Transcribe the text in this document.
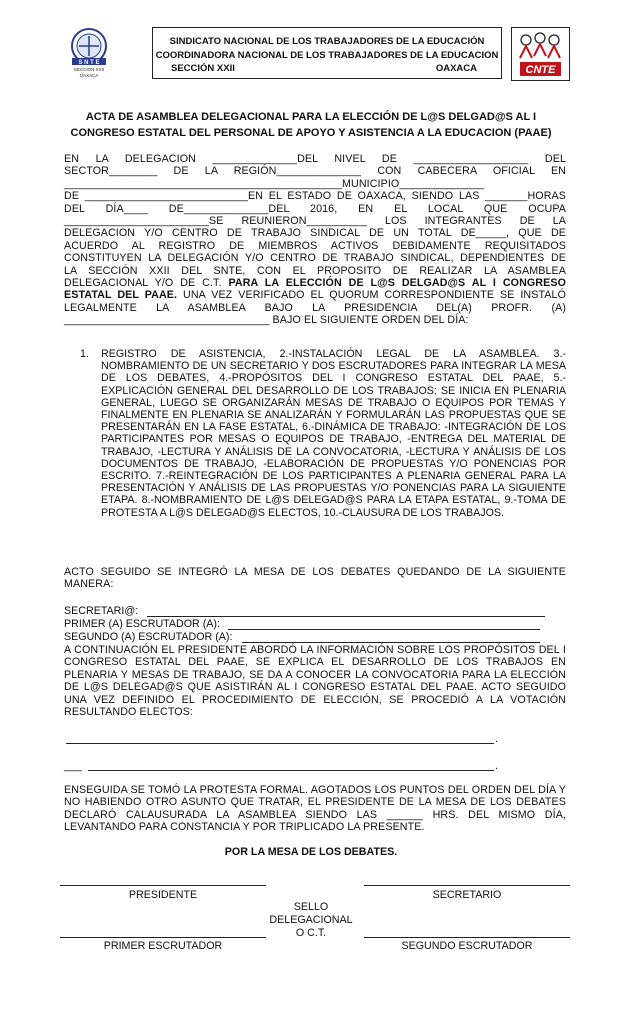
S N T E
SECCION XXII
OAXACA
SINDICATO NACIONAL DE LOS TRABAJADORES DE LA EDUCACIÓN
COORDINADORA NACIONAL DE LOS TRABAJADORES DE LA EDUCACION
SECCIÓN XXII	OAXACA	CNTE
ACTA DE ASAMBLEA DELEGACIONAL PARA LA ELECCIÓN DE L@S DELGAD@S AL I
CONGRESO ESTATAL DEL PERSONAL DE APOYO Y ASISTENCIA A LA EDUCACION (PAAE)
EN LA DELEGACION ______________DEL NIVEL DE ___________________ DEL
SECTOR________ DE LA REGIÓN______________ CON CABECERA OFICIAL EN
______________________________________________MUNICIPIO______________
DE ___________________________EN EL ESTADO DE OAXACA, SIENDO LAS _______HORAS
DEL DÍA____ DE______________DEL 2016, EN EL LOCAL QUE OCUPA
________________________SE REUNIERON__________ LOS INTEGRANTES DE LA
DELEGACION Y/O CENTRO DE TRABAJO SINDICAL DE UN TOTAL DE_____, QUE DE
ACUERDO AL REGISTRO DE MIEMBROS ACTIVOS DEBIDAMENTE REQUISITADOS
CONSTITUYEN LA DELEGACIÓN Y/O CENTRO DE TRABAJO SINDICAL, DEPENDIENTES DE
LA SECCIÓN XXII DEL SNTE, CON EL PROPOSITO DE REALIZAR LA ASAMBLEA
DELEGACIONAL Y/O DE C.T. PARA LA ELECCIÓN DE L@S DELGAD@S AL I CONGRESO
ESTATAL DEL PAAE. UNA VEZ VERIFICADO EL QUORUM CORRESPONDIENTE SE INSTALÓ
LEGALMENTE LA ASAMBLEA BAJO LA PRESIDENCIA DEL(A) PROFR. (A)
__________________________________ BAJO EL SIGUIENTE ORDEN DEL DÍA:
1. REGISTRO DE ASISTENCIA, 2.-INSTALACIÓN LEGAL DE LA ASAMBLEA. 3.-NOMBRAMIENTO DE UN SECRETARIO Y DOS ESCRUTADORES PARA INTEGRAR LA MESA DE LOS DEBATES, 4.-PROPÓSITOS DEL I CONGRESO ESTATAL DEL PAAE, 5.-EXPLICACIÓN GENERAL DEL DESARROLLO DE LOS TRABAJOS: SE INICIA EN PLENARIA GENERAL, LUEGO SE ORGANIZARÁN MESAS DE TRABAJO O EQUIPOS POR TEMAS Y FINALMENTE EN PLENARIA SE ANALIZARÁN Y FORMULARÁN LAS PROPUESTAS QUE SE PRESENTARÁN EN LA FASE ESTATAL, 6.-DINÁMICA DE TRABAJO: -INTEGRACIÓN DE LOS PARTICIPANTES POR MESAS O EQUIPOS DE TRABAJO, -ENTREGA DEL MATERIAL DE TRABAJO, -LECTURA Y ANÁLISIS DE LA CONVOCATORIA, -LECTURA Y ANÁLISIS DE LOS DOCUMENTOS DE TRABAJO, -ELABORACIÓN DE PROPUESTAS Y/O PONENCIAS POR ESCRITO. 7.-REINTEGRACIÓN DE LOS PARTICIPANTES A PLENARIA GENERAL PARA LA PRESENTACIÓN Y ANÁLISIS DE LAS PROPUESTAS Y/O PONENCIAS PARA LA SIGUIENTE ETAPA. 8.-NOMBRAMIENTO DE L@S DELEGAD@S PARA LA ETAPA ESTATAL, 9.-TOMA DE PROTESTA A L@S DELEGAD@S ELECTOS, 10.-CLAUSURA DE LOS TRABAJOS.
ACTO SEGUIDO SE INTEGRÓ LA MESA DE LOS DEBATES QUEDANDO DE LA SIGUIENTE MANERA:
SECRETARI@:
PRIMER (A) ESCRUTADOR (A):
SEGUNDO (A) ESCRUTADOR (A):
A CONTINUACIÓN EL PRESIDENTE ABORDÓ LA INFORMACIÓN SOBRE LOS PROPÓSITOS DEL I CONGRESO ESTATAL DEL PAAE, SE EXPLICA EL DESARROLLO DE LOS TRABAJOS EN PLENARIA Y MESAS DE TRABAJO, SE DA A CONOCER LA CONVOCATORIA PARA LA ELECCIÓN DE L@S DELEGAD@S QUE ASISTIRÁN AL I CONGRESO ESTATAL DEL PAAE. ACTO SEGUIDO UNA VEZ DEFINIDO EL PROCEDIMIENTO DE ELECCIÓN, SE PROCEDIÓ A LA VOTACIÓN RESULTANDO ELECTOS:
.
___	.
ENSEGUIDA SE TOMÓ LA PROTESTA FORMAL. AGOTADOS LOS PUNTOS DEL ORDEN DEL DÍA Y NO HABIENDO OTRO ASUNTO QUE TRATAR, EL PRESIDENTE DE LA MESA DE LOS DEBATES DECLARÓ CALAUSURADA LA ASAMBLEA SIENDO LAS ______ HRS. DEL MISMO DÍA, LEVANTANDO PARA CONSTANCIA Y POR TRIPLICADO LA PRESENTE.
POR LA MESA DE LOS DEBATES.
PRESIDENTE	SECRETARIO
SELLO
DELEGACIONAL
O C.T.
PRIMER ESCRUTADOR	SEGUNDO ESCRUTADOR
